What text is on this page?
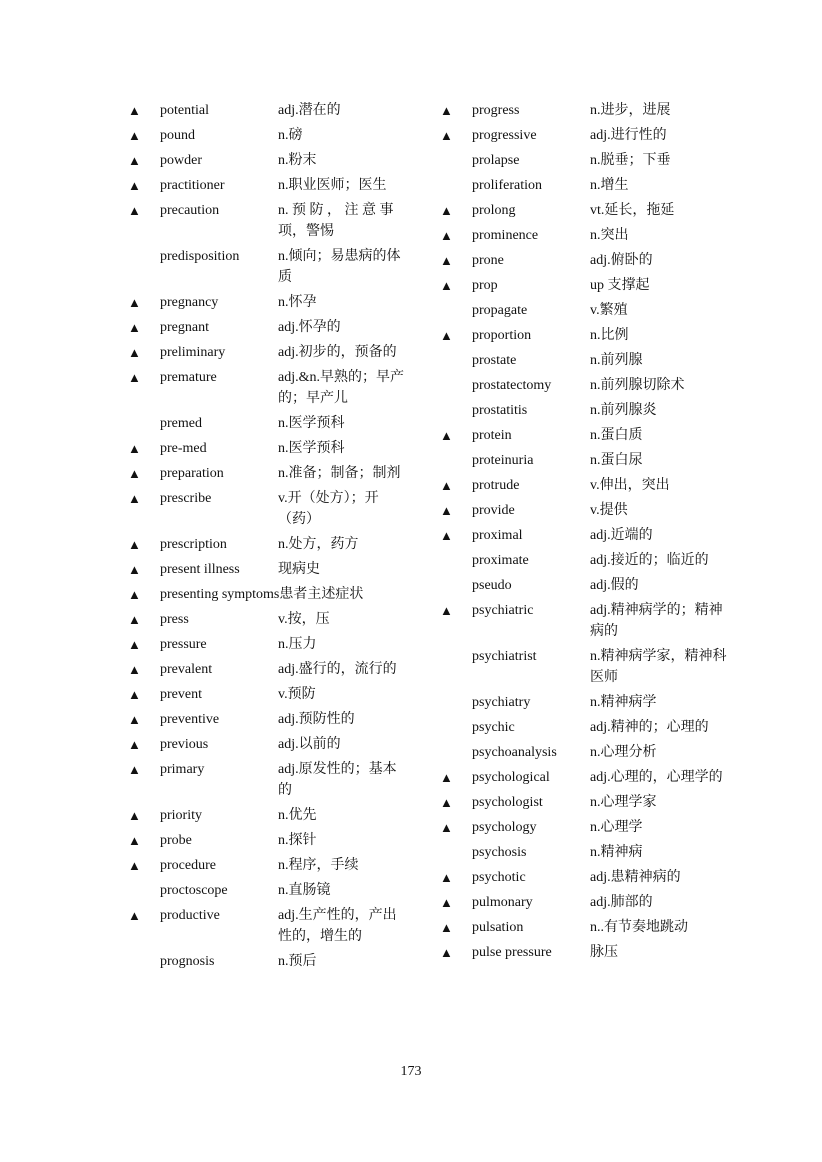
▲	potential	adj.潜在的
▲	pound	n.磅
▲	powder	n.粉末
▲	practitioner	n.职业医师；医生
▲	precaution	n. 预 防 ， 注 意 事 项，警惕
predisposition	n.倾向；易患病的体质
▲	pregnancy	n.怀孕
▲	pregnant	adj.怀孕的
▲	preliminary	adj.初步的，预备的
▲	premature	adj.&n.早熟的；早产的；早产儿
premed	n.医学预科
▲	pre-med	n.医学预科
▲	preparation	n.准备；制备；制剂
▲	prescribe	v.开（处方）；开（药）
▲	prescription	n.处方，药方
▲	present illness	现病史
▲	presenting symptoms 患者主述症状
▲	press	v.按，压
▲	pressure	n.压力
▲	prevalent	adj.盛行的，流行的
▲	prevent	v.预防
▲	preventive	adj.预防性的
▲	previous	adj.以前的
▲	primary	adj.原发性的；基本的
▲	priority	n.优先
▲	probe	n.探针
▲	procedure	n.程序，手续
proctoscope	n.直肠镜
▲	productive	adj.生产性的，产出性的，增生的
prognosis	n.预后
▲	progress	n.进步，进展
▲	progressive	adj.进行性的
prolapse	n.脱垂；下垂
proliferation	n.增生
▲	prolong	vt.延长，拖延
▲	prominence	n.突出
▲	prone	adj.俯卧的
▲	prop	up 支撑起
propagate	v.繁殖
▲	proportion	n.比例
prostate	n.前列腺
prostatectomy	n.前列腺切除术
prostatitis	n.前列腺炎
▲	protein	n.蛋白质
proteinuria	n.蛋白尿
▲	protrude	v.伸出，突出
▲	provide	v.提供
▲	proximal	adj.近端的
proximate	adj.接近的；临近的
pseudo	adj.假的
▲	psychiatric	adj.精神病学的；精神病的
psychiatrist	n.精神病学家，精神科医师
psychiatry	n.精神病学
psychic	adj.精神的；心理的
psychoanalysis	n.心理分析
▲	psychological	adj.心理的，心理学的
▲	psychologist	n.心理学家
▲	psychology	n.心理学
psychosis	n.精神病
▲	psychotic	adj.患精神病的
▲	pulmonary	adj.肺部的
▲	pulsation	n..有节奏地跳动
▲	pulse pressure	脉压
173
